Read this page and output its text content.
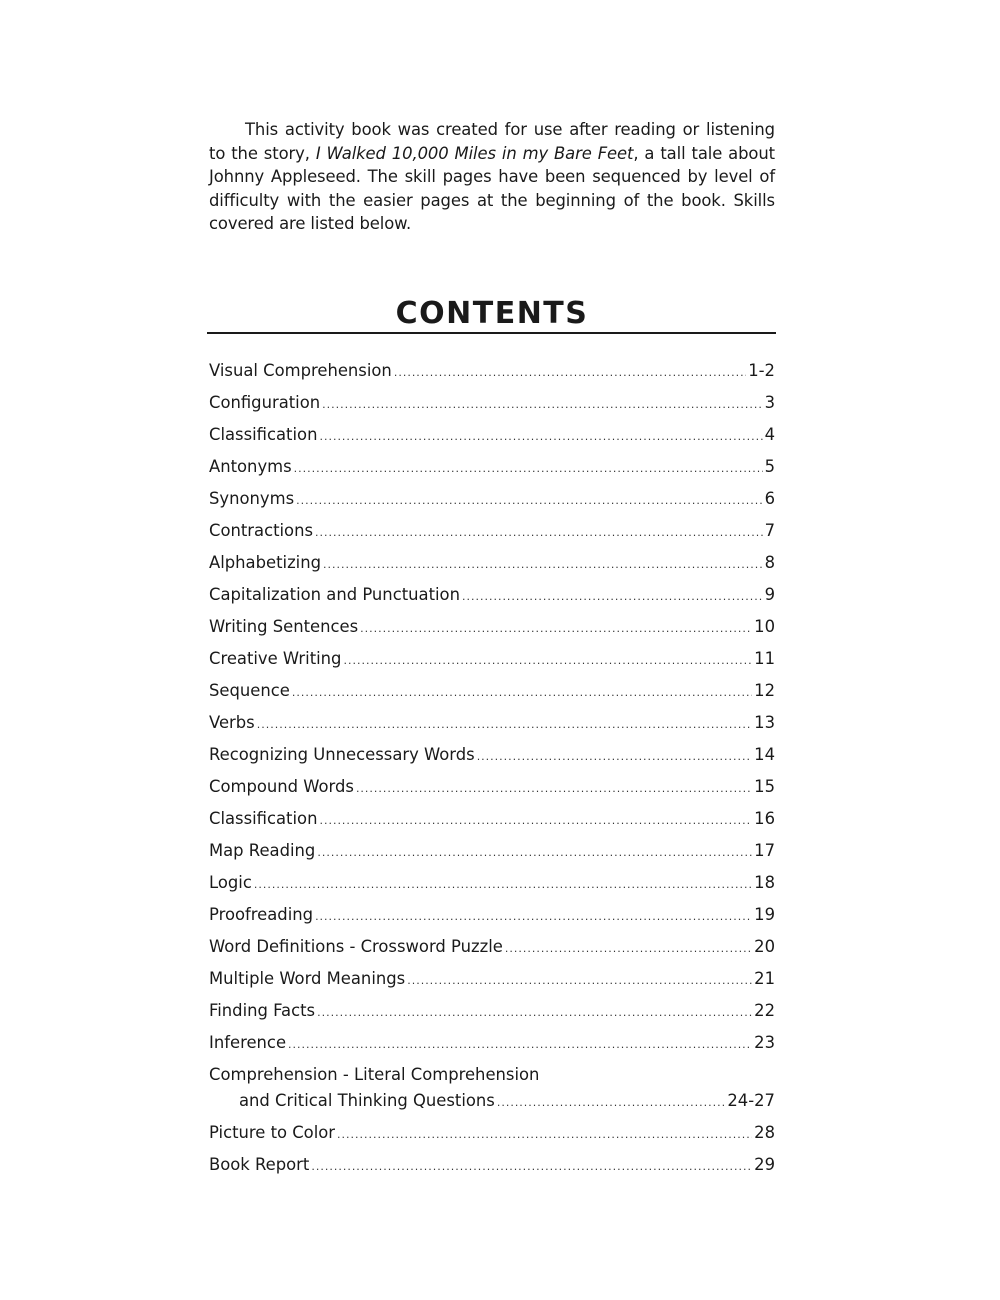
This activity book was created for use after reading or listening to the story, I Walked 10,000 Miles in my Bare Feet, a tall tale about Johnny Appleseed. The skill pages have been sequenced by level of difficulty with the easier pages at the beginning of the book. Skills covered are listed below.

CONTENTS
Visual Comprehension .....	1-2
Configuration .....	3
Classification .....	4
Antonyms .....	5
Synonyms .....	6
Contractions .....	7
Alphabetizing .....	8
Capitalization and Punctuation .....	9
Writing Sentences .....	10
Creative Writing .....	11
Sequence .....	12
Verbs .....	13
Recognizing Unnecessary Words .....	14
Compound Words .....	15
Classification .....	16
Map Reading .....	17
Logic .....	18
Proofreading .....	19
Word Definitions - Crossword Puzzle .....	20
Multiple Word Meanings .....	21
Finding Facts .....	22
Inference .....	23
Comprehension - Literal Comprehension
and Critical Thinking Questions .....	24-27
Picture to Color .....	28
Book Report .....	29
